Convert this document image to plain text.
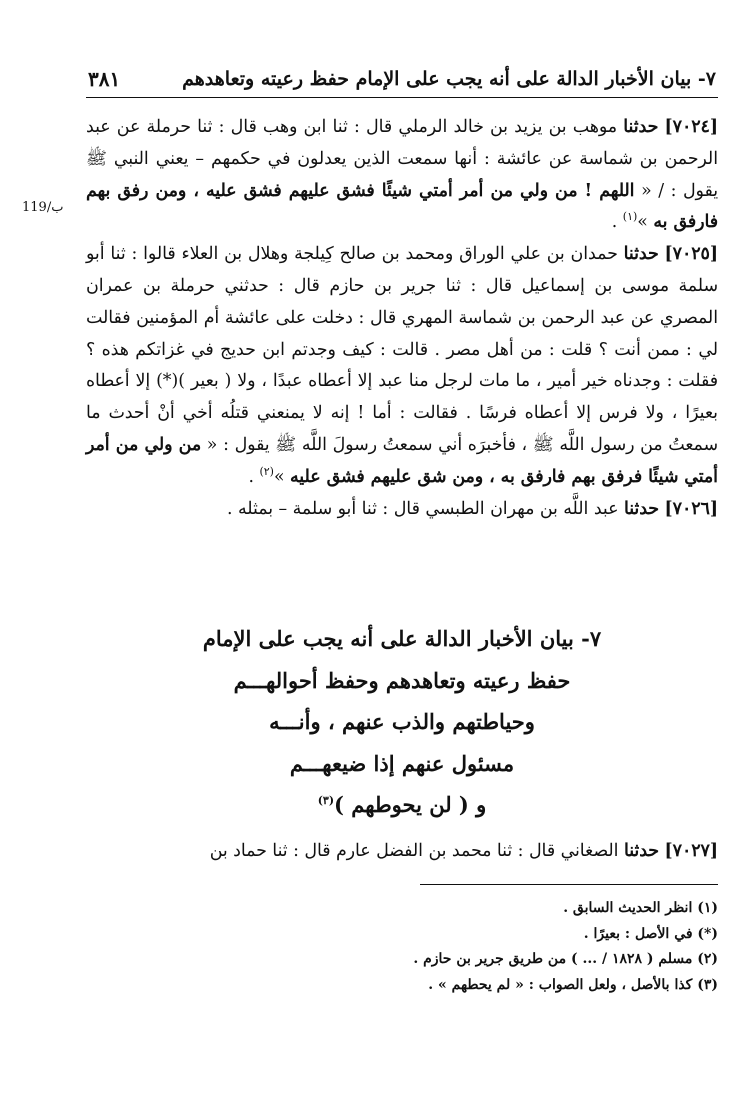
٧- بيان الأخبار الدالة على أنه يجب على الإمام حفظ رعيته وتعاهدهم
٣٨١
119/ب

[٧٠٢٤] حدثنا موهب بن يزيد بن خالد الرملي قال : ثنا ابن وهب قال : ثنا حرملة عن عبد الرحمن بن شماسة عن عائشة : أنها سمعت الذين يعدلون في حكمهم – يعني النبي ﷺ يقول : / « اللهم ! من ولي من أمر أمتي شيئًا فشق عليهم فشق عليه ، ومن رفق بهم فارفق به »$^{(١)}$ .

[٧٠٢٥] حدثنا حمدان بن علي الوراق ومحمد بن صالح كِيلجة وهلال بن العلاء قالوا : ثنا أبو سلمة موسى بن إسماعيل قال : ثنا جرير بن حازم قال : حدثني حرملة بن عمران المصري عن عبد الرحمن بن شماسة المهري قال : دخلت على عائشة أم المؤمنين فقالت لي : ممن أنت ؟ قلت : من أهل مصر . قالت : كيف وجدتم ابن حديج في غزاتكم هذه ؟ فقلت : وجدناه خير أمير ، ما مات لرجل منا عبد إلا أعطاه عبدًا ، ولا ( بعير )(*) إلا أعطاه بعيرًا ، ولا فرس إلا أعطاه فرسًا . فقالت : أما ! إنه لا يمنعني قتلُه أخي أنْ أحدث ما سمعتُ من رسول اللَّه ﷺ ، فأخبرَه أني سمعتُ رسولَ اللَّه ﷺ يقول : « من ولي من أمر أمتي شيئًا فرفق بهم فارفق به ، ومن شق عليهم فشق عليه »$^{(٢)}$ .

[٧٠٢٦] حدثنا عبد اللَّه بن مهران الطبسي قال : ثنا أبو سلمة – بمثله .

٧- بيان الأخبار الدالة على أنه يجب على الإمام
حفظ رعيته وتعاهدهم وحفظ أحوالهـــم
وحياطتهم والذب عنهم ، وأنـــه
مسئول عنهم إذا ضيعهـــم
و ( لن يحوطهم )$^{(٣)}$

[٧٠٢٧] حدثنا الصغاني قال : ثنا محمد بن الفضل عارم قال : ثنا حماد بن

(١) انظر الحديث السابق .
(*) في الأصل : بعيرًا .
(٢) مسلم ( ١٨٢٨ / ... ) من طريق جرير بن حازم .
(٣) كذا بالأصل ، ولعل الصواب : « لم يحطهم » .
